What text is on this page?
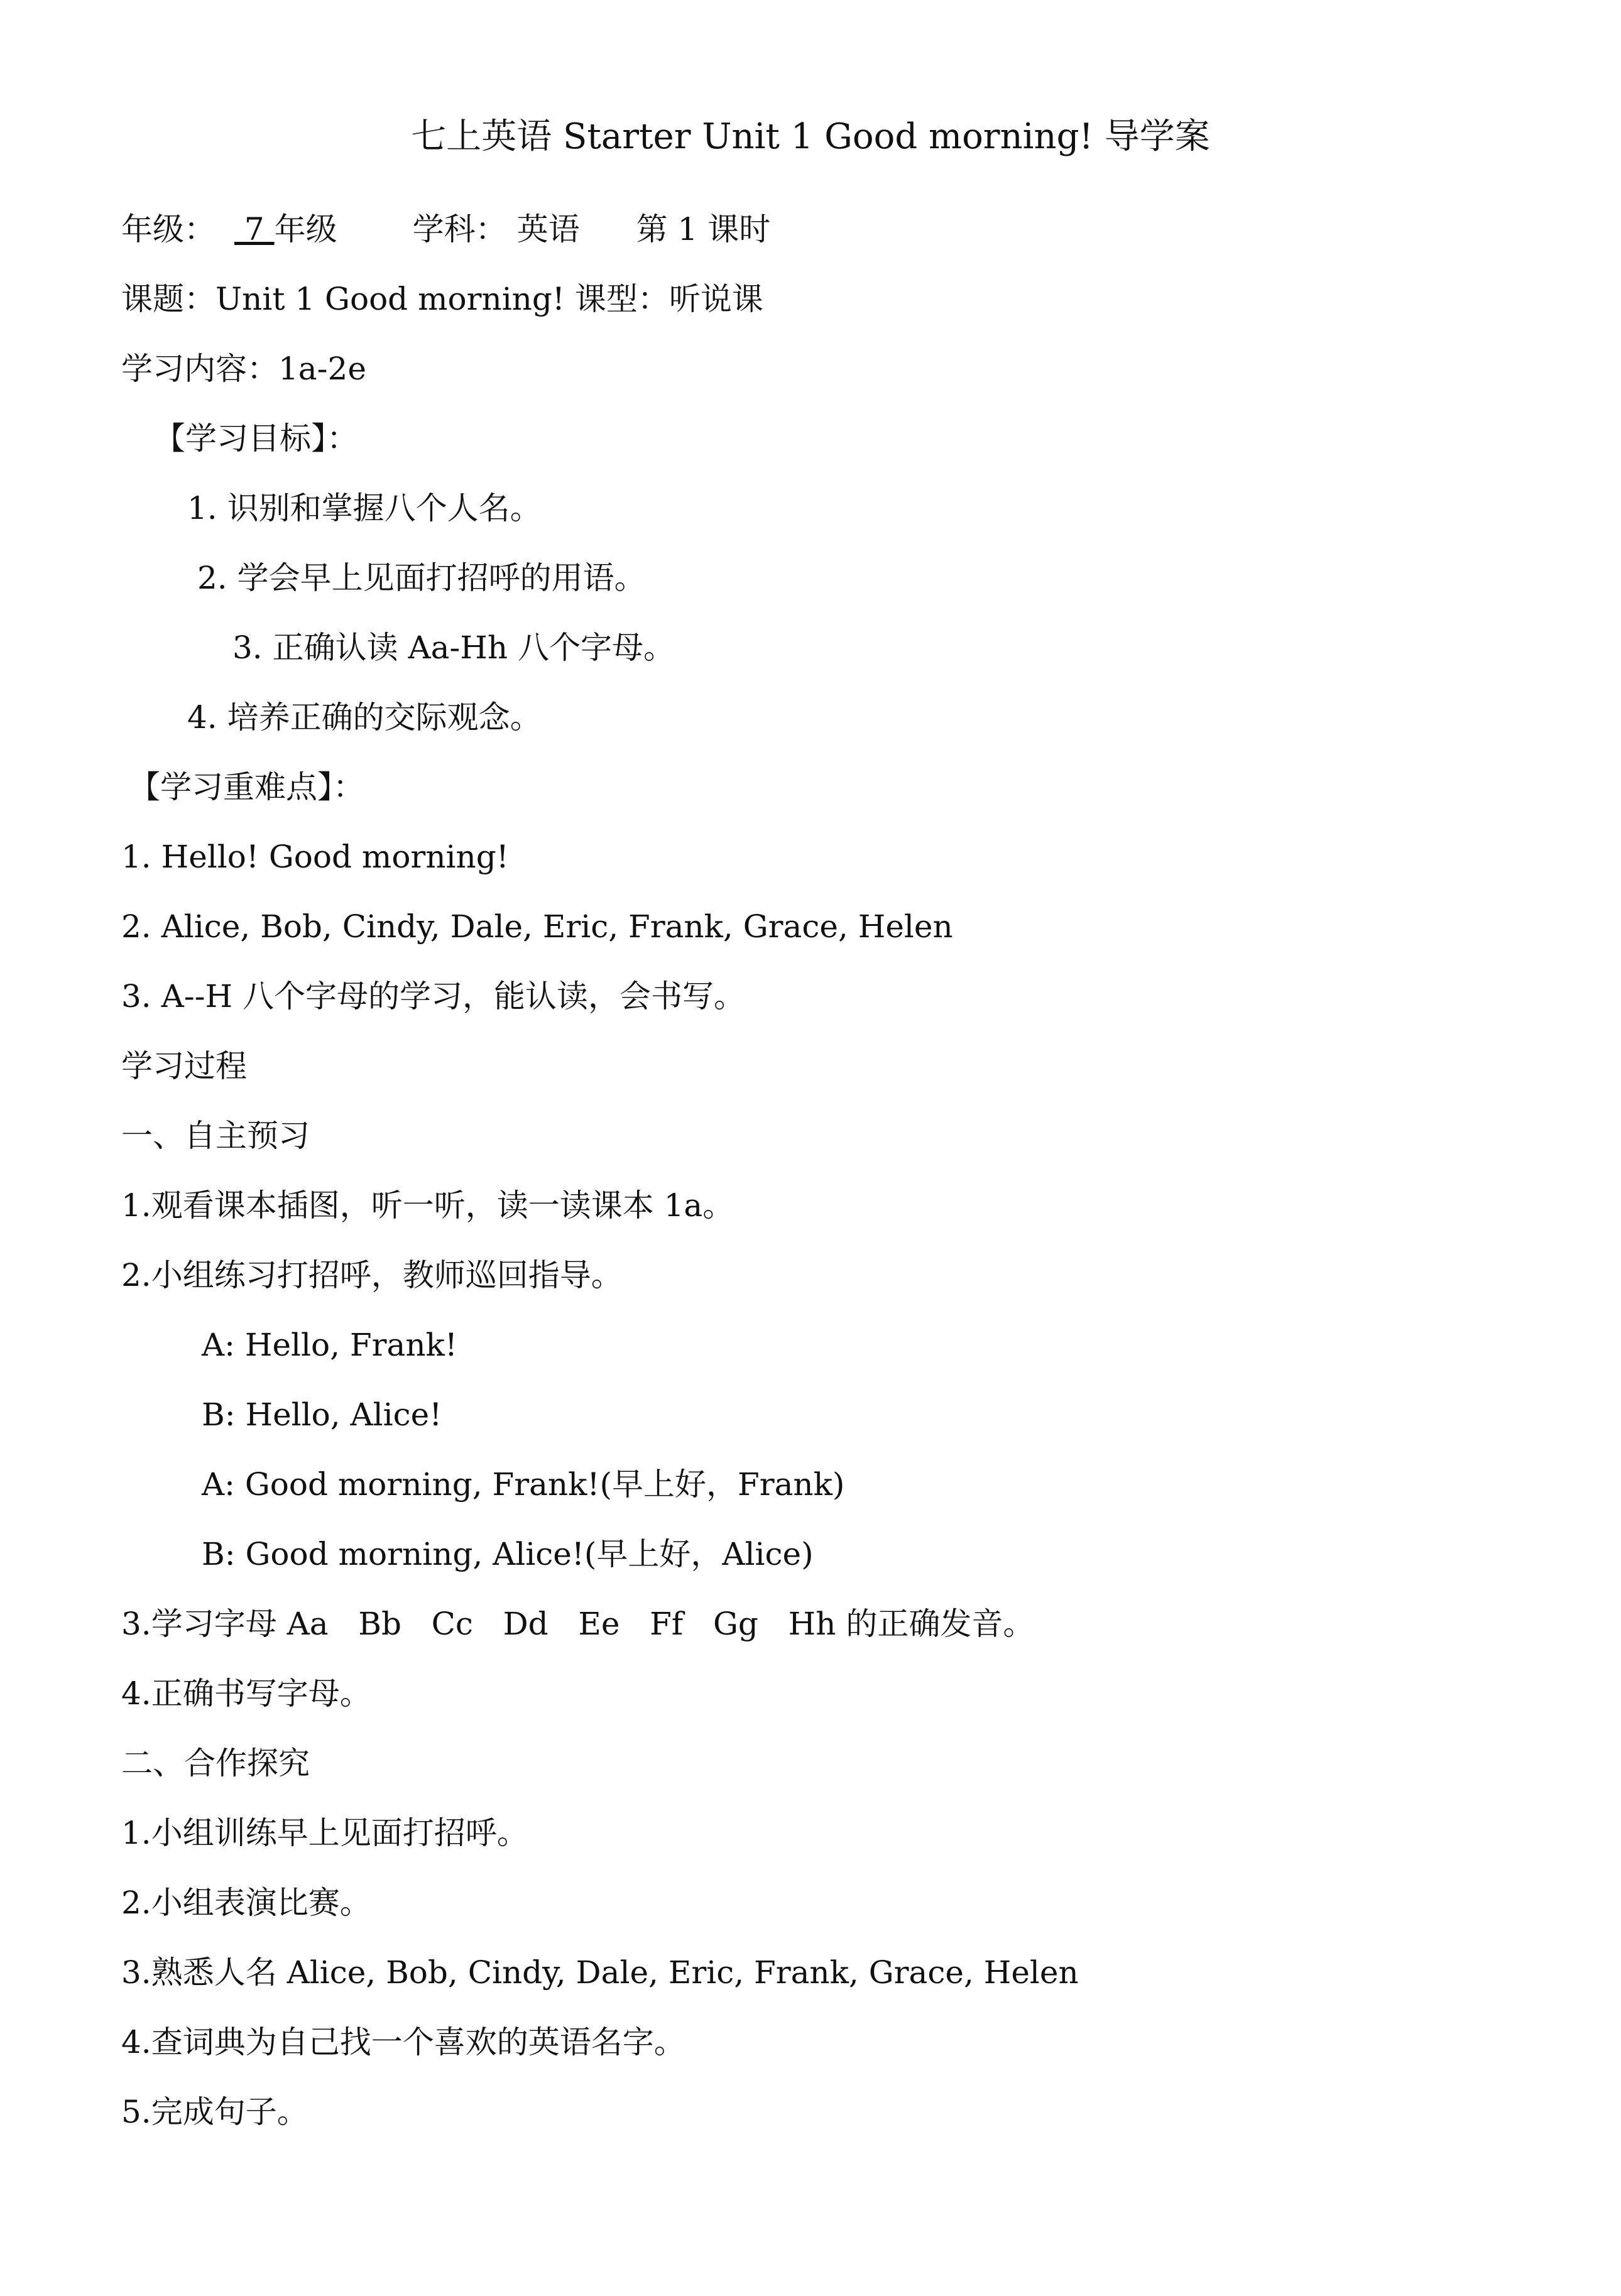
七上英语 Starter Unit 1 Good morning! 导学案
年级： 7 年级 学科： 英语 第 1 课时
课题：Unit 1 Good morning! 课型：听说课
学习内容：1a-2e
【学习目标】：
1. 识别和掌握八个人名。
2. 学会早上见面打招呼的用语。
3. 正确认读 Aa-Hh 八个字母。
4. 培养正确的交际观念。
【学习重难点】：
1. Hello! Good morning!
2. Alice, Bob, Cindy, Dale, Eric, Frank, Grace, Helen
3. A--H 八个字母的学习，能认读，会书写。
学习过程
一、自主预习
1.观看课本插图，听一听，读一读课本 1a。
2.小组练习打招呼，教师巡回指导。
A: Hello, Frank!
B: Hello, Alice!
A: Good morning, Frank!(早上好，Frank)
B: Good morning, Alice!(早上好，Alice)
3.学习字母 Aa   Bb   Cc   Dd   Ee   Ff   Gg   Hh 的正确发音。
4.正确书写字母。
二、合作探究
1.小组训练早上见面打招呼。
2.小组表演比赛。
3.熟悉人名 Alice, Bob, Cindy, Dale, Eric, Frank, Grace, Helen
4.查词典为自己找一个喜欢的英语名字。
5.完成句子。
